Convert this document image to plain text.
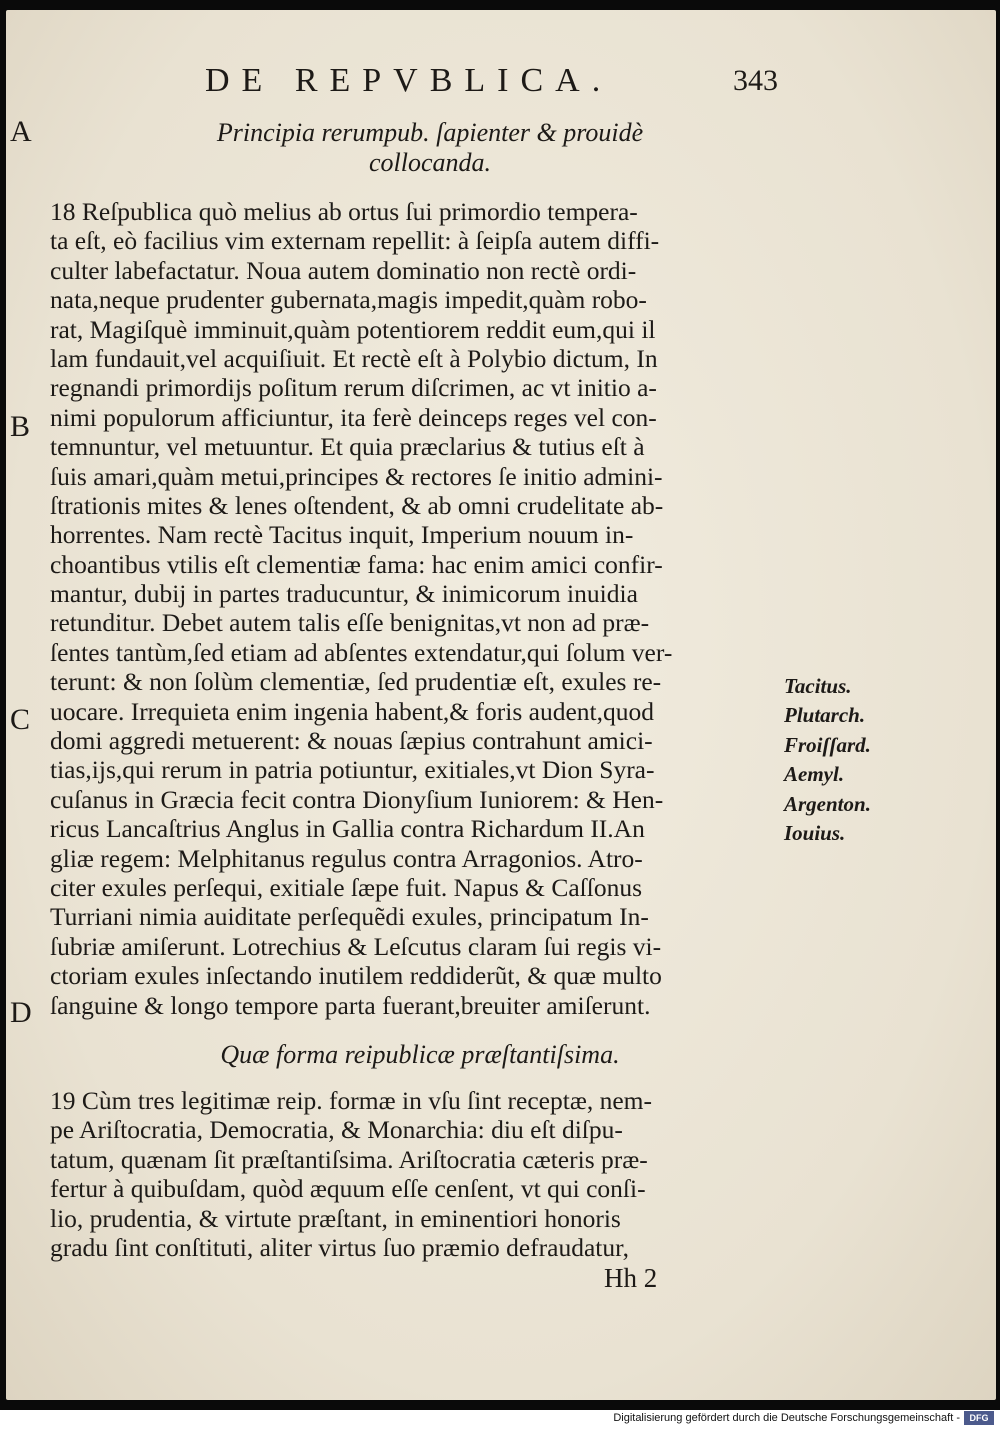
DE REPVBLICA.	343
A
B
C
D
Principia rerumpub. ſapienter & prouidè
collocanda.
18 Reſpublica quò melius ab ortus ſui primordio tempera-
ta eſt, eò facilius vim externam repellit: à ſeipſa autem diffi-
culter labefactatur. Noua autem dominatio non rectè ordi-
nata,neque prudenter gubernata,magis impedit,quàm robo-
rat, Magiſquè imminuit,quàm potentiorem reddit eum,qui il
lam fundauit,vel acquiſiuit. Et rectè eſt à Polybio dictum, In
regnandi primordijs poſitum rerum diſcrimen, ac vt initio a-
nimi populorum afficiuntur, ita ferè deinceps reges vel con-
temnuntur, vel metuuntur. Et quia præclarius & tutius eſt à
ſuis amari,quàm metui,principes & rectores ſe initio admini-
ſtrationis mites & lenes oſtendent, & ab omni crudelitate ab-
horrentes. Nam rectè Tacitus inquit, Imperium nouum in-
choantibus vtilis eſt clementiæ fama: hac enim amici confir-
mantur, dubij in partes traducuntur, & inimicorum inuidia
retunditur. Debet autem talis eſſe benignitas,vt non ad præ-
ſentes tantùm,ſed etiam ad abſentes extendatur,qui ſolum ver-
terunt: & non ſolùm clementiæ, ſed prudentiæ eſt, exules re-
uocare. Irrequieta enim ingenia habent,& foris audent,quod
domi aggredi metuerent: & nouas ſæpius contrahunt amici-
tias,ijs,qui rerum in patria potiuntur, exitiales,vt Dion Syra-
cuſanus in Græcia fecit contra Dionyſium Iuniorem: & Hen-
ricus Lancaſtrius Anglus in Gallia contra Richardum II.An
gliæ regem: Melphitanus regulus contra Arragonios. Atro-
citer exules perſequi, exitiale ſæpe fuit. Napus & Caſſonus
Turriani nimia auiditate perſequẽdi exules, principatum In-
ſubriæ amiſerunt. Lotrechius & Leſcutus claram ſui regis vi-
ctoriam exules inſectando inutilem reddiderũt, & quæ multo
ſanguine & longo tempore parta fuerant,breuiter amiſerunt.
Tacitus.
Plutarch.
Froiſſard.
Aemyl.
Argenton.
Iouius.
Quæ forma reipublicæ præſtantiſsima.
19 Cùm tres legitimæ reip. formæ in vſu ſint receptæ, nem-
pe Ariſtocratia, Democratia, & Monarchia: diu eſt diſpu-
tatum, quænam ſit præſtantiſsima. Ariſtocratia cæteris præ-
fertur à quibuſdam, quòd æquum eſſe cenſent, vt qui conſi-
lio, prudentia, & virtute præſtant, in eminentiori honoris
gradu ſint conſtituti, aliter virtus ſuo præmio defraudatur,
Hh 2
Digitalisierung gefördert durch die Deutsche Forschungsgemeinschaft -	DFG
